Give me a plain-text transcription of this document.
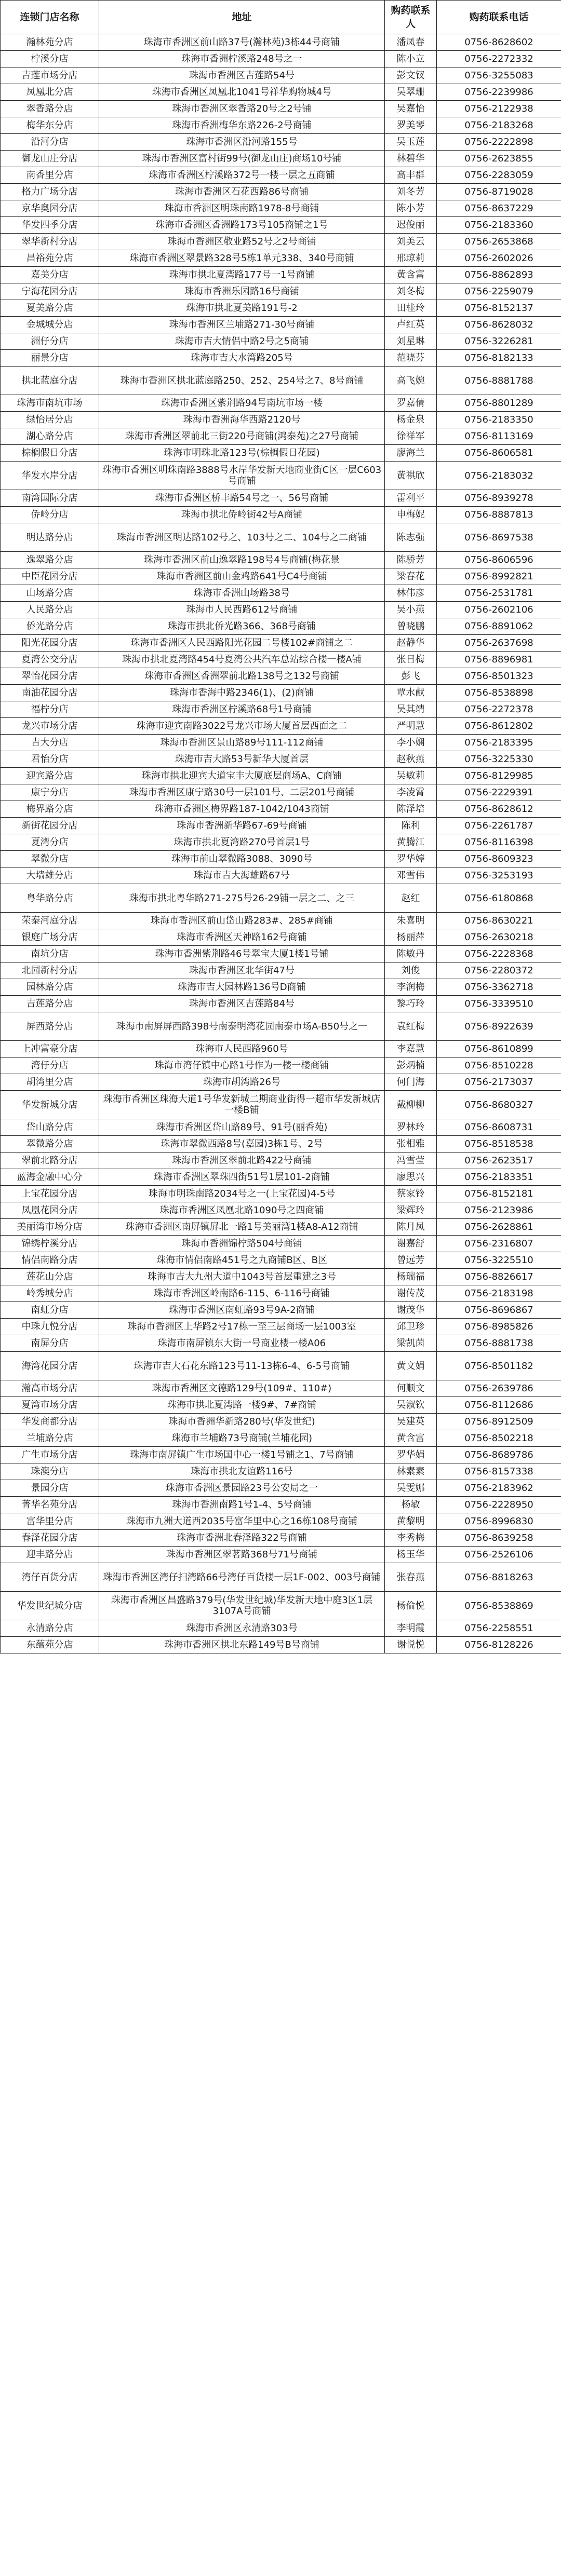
连锁门店名称	地址	购药联系人	购药联系电话
瀚林苑分店	珠海市香洲区前山路37号(瀚林苑)3栋44号商铺	潘凤春	0756-8628602
柠溪分店	珠海市香洲柠溪路248号之一	陈小立	0756-2272332
吉莲市场分店	珠海市香洲区吉莲路54号	彭文钗	0756-3255083
凤凰北分店	珠海市香洲区凤凰北1041号祥华购物城4号	吴翠珊	0756-2239986
翠香路分店	珠海市香洲区翠香路20号之2号铺	吴嘉怡	0756-2122938
梅华东分店	珠海市香洲梅华东路226-2号商铺	罗美琴	0756-2183268
沿河分店	珠海市香洲区沿河路155号	吴玉莲	0756-2222898
御龙山庄分店	珠海市香洲区富村街99号(御龙山庄)商场10号铺	林碧华	0756-2623855
南香里分店	珠海市香洲区柠溪路372号一楼一层之五商铺	高丰群	0756-2283059
格力广场分店	珠海市香洲区石花西路86号商铺	刘冬芳	0756-8719028
京华奥园分店	珠海市香洲区明珠南路1978-8号商铺	陈小芳	0756-8637229
华发四季分店	珠海市香洲区香洲路173号105商铺之1号	迟俊丽	0756-2183360
翠华新村分店	珠海市香洲区敬业路52号之2号商铺	刘美云	0756-2653868
昌裕苑分店	珠海市香洲区翠景路328号5栋1单元338、340号商铺	邢琼莉	0756-2602026
嘉美分店	珠海市拱北夏湾路177号一1号商铺	黄含富	0756-8862893
宁海花园分店	珠海市香洲乐园路16号商铺	刘冬梅	0756-2259079
夏美路分店	珠海市拱北夏美路191号-2	田桂玲	0756-8152137
金城城分店	珠海市香洲区兰埔路271-30号商铺	卢红英	0756-8628032
洲仔分店	珠海市吉大情侣中路2号之5商铺	刘星琳	0756-3226281
丽景分店	珠海市吉大水湾路205号	范晓芬	0756-8182133
拱北蓝庭分店	珠海市香洲区拱北蓝庭路250、252、254号之7、8号商铺	高飞婉	0756-8881788
珠海市南坑市场	珠海市香洲区紫荆路94号南坑市场一楼	罗嘉倩	0756-8801289
绿怡居分店	珠海市香洲海华西路2120号	杨金泉	0756-2183350
湖心路分店	珠海市香洲区翠前北三街220号商铺(鸿泰苑)之27号商铺	徐祥军	0756-8113169
棕榈假日分店	珠海市明珠北路123号(棕榈假日花园)	廖海兰	0756-8606581
华发水岸分店	珠海市香洲区明珠南路3888号水岸华发新天地商业街C区一层C603号商铺	黄祺欣	0756-2183032
南湾国际分店	珠海市香洲区桥丰路54号之一、56号商铺	雷利平	0756-8939278
侨岭分店	珠海市拱北侨岭街42号A商铺	申梅妮	0756-8887813
明达路分店	珠海市香洲区明达路102号之、103号之二、104号之二商铺	陈志强	0756-8697538
逸翠路分店	珠海市香洲区前山逸翠路198号4号商铺(梅花景	陈骄芳	0756-8606596
中臣花园分店	珠海市香洲区前山金鸡路641号C4号商铺	梁春花	0756-8992821
山场路分店	珠海市香洲山场路38号	林伟彦	0756-2531781
人民路分店	珠海市人民西路612号商铺	吴小燕	0756-2602106
侨光路分店	珠海市拱北侨光路366、368号商铺	曾晓鹏	0756-8891062
阳光花园分店	珠海市香洲区人民西路阳光花园二号楼102#商铺之二	赵静华	0756-2637698
夏湾公交分店	珠海市拱北夏湾路454号夏湾公共汽车总站综合楼一楼A铺	张日梅	0756-8896981
翠怡花园分店	珠海市香洲区香洲翠前北路138号之132号商铺	彭飞	0756-8501323
南油花园分店	珠海市香海中路2346(1)、(2)商铺	覃水献	0756-8538898
福柠分店	珠海市香洲区柠溪路68号1号商铺	吴其靖	0756-2272378
龙兴市场分店	珠海市迎宾南路3022号龙兴市场大厦首层西面之二	严明慧	0756-8612802
吉大分店	珠海市香洲区景山路89号111-112商铺	李小娴	0756-2183395
君怡分店	珠海市吉大路53号新华大厦首层	赵秋燕	0756-3225330
迎宾路分店	珠海市拱北迎宾大道宝丰大厦底层商场A、C商铺	吴敏莉	0756-8129985
康宁分店	珠海市香洲区康宁路30号一层101号、二层201号商铺	李凌霄	0756-2229391
梅界路分店	珠海市香洲区梅界路187-1042/1043商铺	陈泽培	0756-8628612
新街花园分店	珠海市香洲新华路67-69号商铺	陈利	0756-2261787
夏湾分店	珠海市拱北夏湾路270号首层1号	黄腾江	0756-8116398
翠微分店	珠海市前山翠微路3088、3090号	罗华婷	0756-8609323
大墙雄分店	珠海市吉大海雄路67号	邓雪伟	0756-3253193
粤华路分店	珠海市拱北粤华路271-275号26-29铺一层之二、之三	赵红	0756-6180868
荣泰河庭分店	珠海市香洲区前山岱山路283#、285#商铺	朱喜明	0756-8630221
银庭广场分店	珠海市香洲区天神路162号商铺	杨丽萍	0756-2630218
南坑分店	珠海市香洲紫荆路46号翠宝大厦1楼1号铺	陈敏丹	0756-2228368
北园新村分店	珠海市香洲区北华街47号	刘俊	0756-2280372
园林路分店	珠海市吉大园林路136号D商铺	李润梅	0756-3362718
吉莲路分店	珠海市香洲区吉莲路84号	黎巧玲	0756-3339510
屏西路分店	珠海市南屏屏西路398号南泰明湾花园南泰市场A-B50号之一	袁红梅	0756-8922639
上冲富豪分店	珠海市人民西路960号	李嘉慧	0756-8610899
湾仔分店	珠海市湾仔镇中心路1号作为一楼一楼商铺	彭炳楠	0756-8510228
胡湾里分店	珠海市胡湾路26号	何门海	0756-2173037
华发新城分店	珠海市香洲区珠海大道1号华发新城二期商业街得一超市华发新城店一楼B铺	戴柳柳	0756-8680327
岱山路分店	珠海市香洲区岱山路89号、91号(丽香苑)	罗林玲	0756-8608731
翠微路分店	珠海市翠微西路8号(嘉园)3栋1号、2号	张相雅	0756-8518538
翠前北路分店	珠海市香洲区翠前北路422号商铺	冯雪莹	0756-2623517
蓝海金融中心分	珠海市香洲区翠珠四街51号1层101-2商铺	廖思兴	0756-2183351
上宝花园分店	珠海市明珠南路2034号之一(上宝花园)4-5号	蔡家铃	0756-8152181
凤凰花园分店	珠海市香洲区凤凰北路1090号之四商铺	梁辉玲	0756-2123986
美丽湾市场分店	珠海市香洲区南屏镇屏北一路1号美丽湾1楼A8-A12商铺	陈月凤	0756-2628861
锦绣柠溪分店	珠海市香洲锦柠路504号商铺	谢嘉舒	0756-2316807
情侣南路分店	珠海市情侣南路451号之九商铺B区、B区	曾远芳	0756-3225510
莲花山分店	珠海市吉大九州大道中1043号首层重建之3号	杨瑞福	0756-8826617
岭秀城分店	珠海市香洲区岭南路6-115、6-116号商铺	谢传茂	0756-2183198
南虹分店	珠海市香洲区南虹路93号9A-2商铺	谢茂华	0756-8696867
中珠九悦分店	珠海市香洲区上华路2号17栋一至三层商场一层1003室	邱卫珍	0756-8985826
南屏分店	珠海市南屏镇东大街一号商业楼一楼A06	梁凯茵	0756-8881738
海湾花园分店	珠海市吉大石花东路123号11-13栋6-4、6-5号商铺	黄文娟	0756-8501182
瀚高市场分店	珠海市香洲区文德路129号(109#、110#)	何顺文	0756-2639786
夏湾市场分店	珠海市拱北夏湾路一楼9#、7#商铺	吴淑钦	0756-8112686
华发商都分店	珠海市香洲华新路280号(华发世纪)	吴建英	0756-8912509
兰埔路分店	珠海市兰埔路73号商铺(兰埔花园)	黄含富	0756-8502218
广生市场分店	珠海市南屏镇广生市场国中心一楼1号铺之1、7号商铺	罗华娟	0756-8689786
珠澳分店	珠海市拱北友谊路116号	林素素	0756-8157338
景园分店	珠海市香洲区景园路23号公安局之一	吴雯娜	0756-2183962
菁华名苑分店	珠海市香洲南路1号1-4、5号商铺	杨敏	0756-2228950
富华里分店	珠海市九洲大道西2035号富华里中心之16栋108号商铺	黄黎明	0756-8996830
春泽花园分店	珠海市香洲北春泽路322号商铺	李秀梅	0756-8639258
迎丰路分店	珠海市香洲区翠茗路368号71号商铺	杨玉华	0756-2526106
湾仔百货分店	珠海市香洲区湾仔扫湾路66号湾仔百货楼一层1F-002、003号商铺	张春燕	0756-8818263
华发世纪城分店	珠海市香洲区昌盛路379号(华发世纪城)华发新天地中庭3区1层3107A号商铺	杨倫悦	0756-8538869
永清路分店	珠海市香洲区永清路303号	李明霞	0756-2258551
东蕴苑分店	珠海市香洲区拱北东路149号B号商铺	谢悦悦	0756-8128226
